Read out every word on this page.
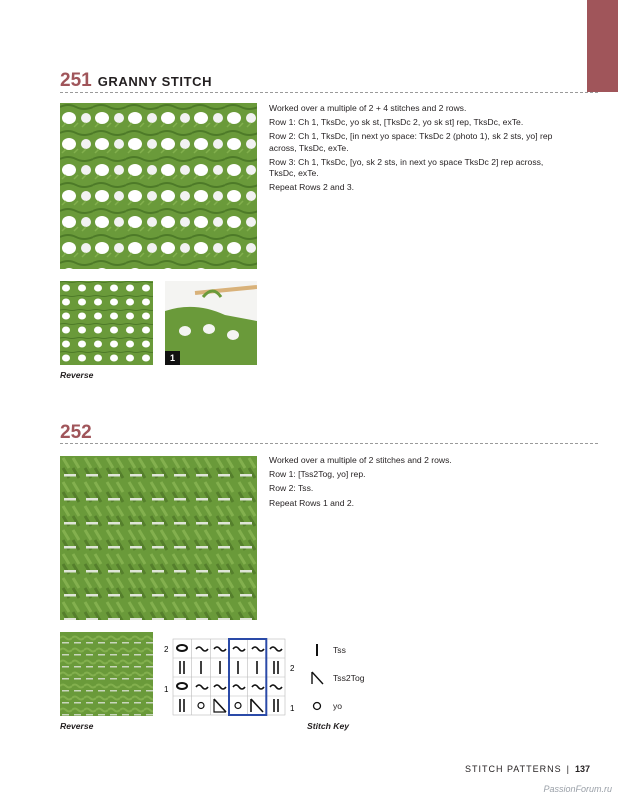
251 GRANNY STITCH

Worked over a multiple of 2 + 4 stitches and 2 rows.

Row 1: Ch 1, TksDc, yo sk st, [TksDc 2, yo sk st] rep, TksDc, exTe.

Row 2: Ch 1, TksDc, [in next yo space: TksDc 2 (photo 1), sk 2 sts, yo] rep across, TksDc, exTe.

Row 3: Ch 1, TksDc, [yo, sk 2 sts, in next yo space TksDc 2] rep across, TksDc, exTe.

Repeat Rows 2 and 3.

1
Reverse
252

Worked over a multiple of 2 stitches and 2 rows.

Row 1: [Tss2Tog, yo] rep.

Row 2: Tss.

Repeat Rows 1 and 2.

Reverse
2
1
2
1
Tss
Tss2Tog
yo
Stitch Key
STITCH PATTERNS | 137
PassionForum.ru
